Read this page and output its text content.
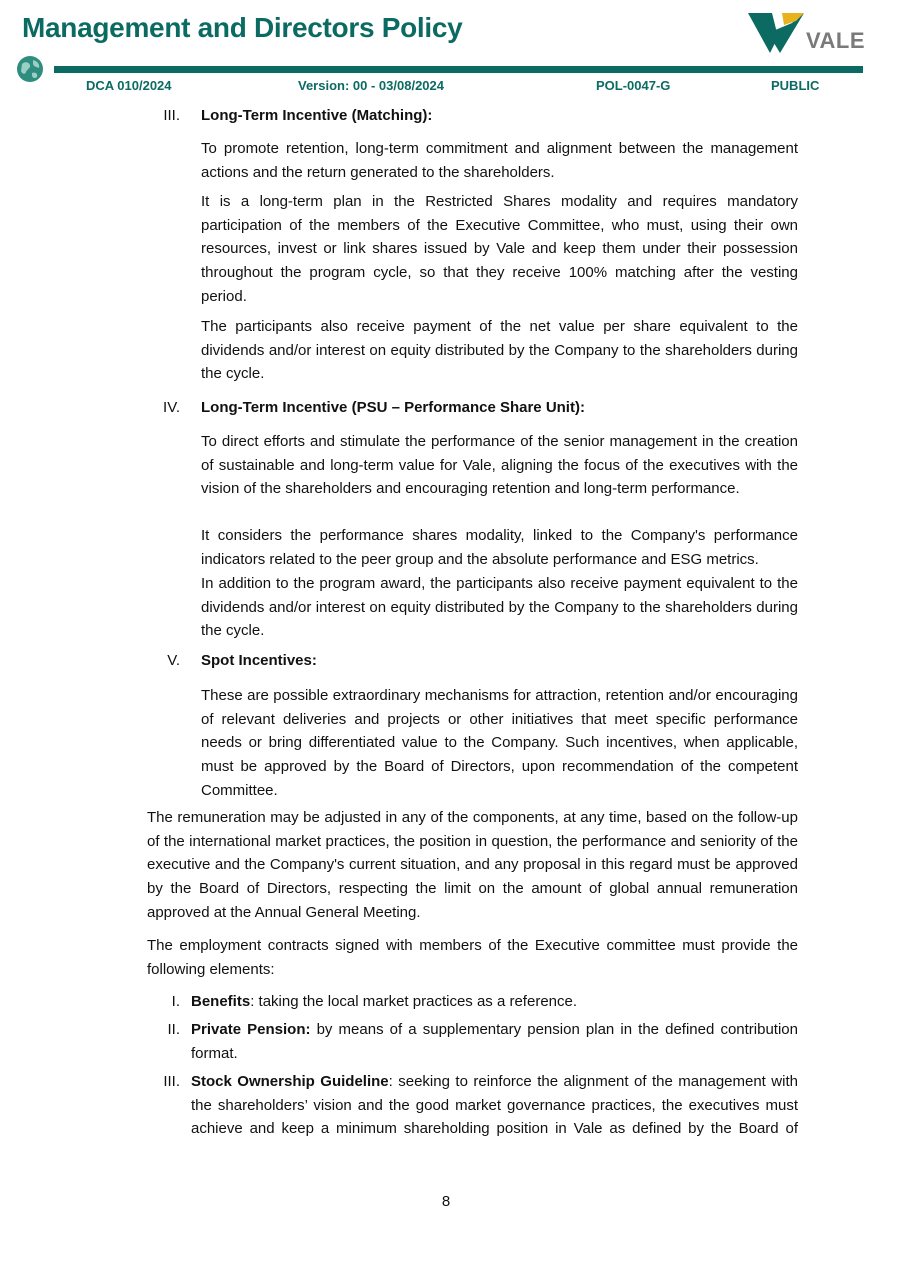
Management and Directors Policy	VALE
DCA 010/2024	Version: 00 - 03/08/2024	POL-0047-G	PUBLIC
III. Long-Term Incentive (Matching):

To promote retention, long-term commitment and alignment between the management actions and the return generated to the shareholders.

It is a long-term plan in the Restricted Shares modality and requires mandatory participation of the members of the Executive Committee, who must, using their own resources, invest or link shares issued by Vale and keep them under their possession throughout the program cycle, so that they receive 100% matching after the vesting period.

The participants also receive payment of the net value per share equivalent to the dividends and/or interest on equity distributed by the Company to the shareholders during the cycle.

IV. Long-Term Incentive (PSU – Performance Share Unit):

To direct efforts and stimulate the performance of the senior management in the creation of sustainable and long-term value for Vale, aligning the focus of the executives with the vision of the shareholders and encouraging retention and long-term performance.

It considers the performance shares modality, linked to the Company's performance indicators related to the peer group and the absolute performance and ESG metrics.

In addition to the program award, the participants also receive payment equivalent to the dividends and/or interest on equity distributed by the Company to the shareholders during the cycle.

V. Spot Incentives:

These are possible extraordinary mechanisms for attraction, retention and/or encouraging of relevant deliveries and projects or other initiatives that meet specific performance needs or bring differentiated value to the Company. Such incentives, when applicable, must be approved by the Board of Directors, upon recommendation of the competent Committee.

The remuneration may be adjusted in any of the components, at any time, based on the follow-up of the international market practices, the position in question, the performance and seniority of the executive and the Company's current situation, and any proposal in this regard must be approved by the Board of Directors, respecting the limit on the amount of global annual remuneration approved at the Annual General Meeting.

The employment contracts signed with members of the Executive committee must provide the following elements:

I. Benefits: taking the local market practices as a reference.

II. Private Pension: by means of a supplementary pension plan in the defined contribution format.

III. Stock Ownership Guideline: seeking to reinforce the alignment of the management with the shareholders’ vision and the good market governance practices, the executives must achieve and keep a minimum shareholding position in Vale as defined by the Board of

8
